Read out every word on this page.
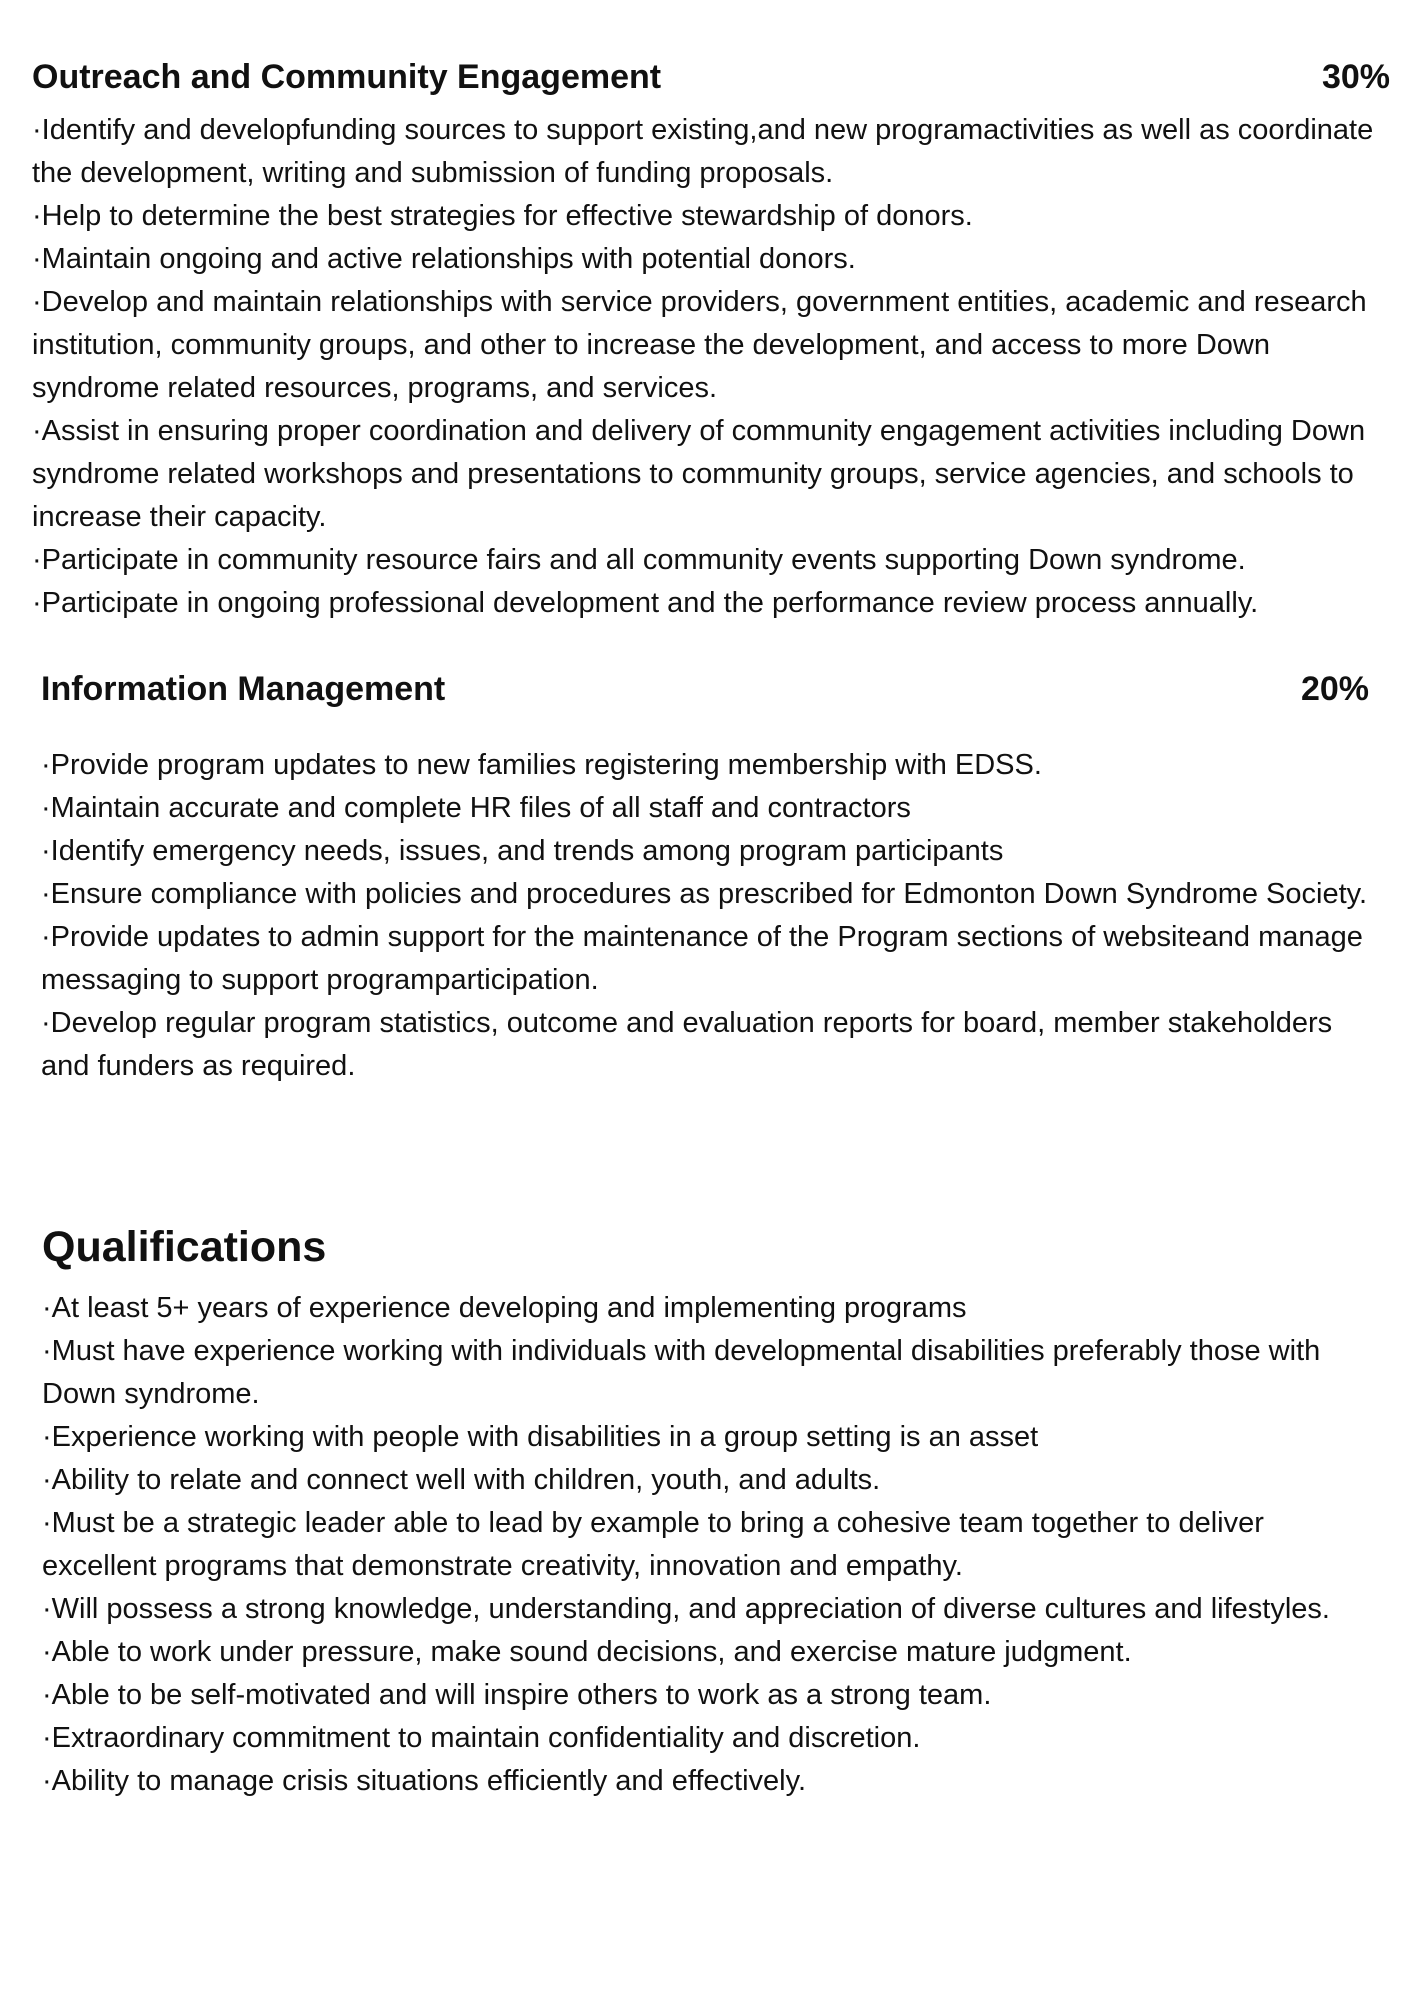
Outreach and Community Engagement	30%
·Identify and developfunding sources to support existing,and new programactivities as well as coordinate the development, writing and submission of funding proposals.
·Help to determine the best strategies for effective stewardship of donors.
·Maintain ongoing and active relationships with potential donors.
·Develop and maintain relationships with service providers, government entities, academic and research institution, community groups, and other to increase the development, and access to more Down syndrome related resources, programs, and services.
·Assist in ensuring proper coordination and delivery of community engagement activities including Down syndrome related workshops and presentations to community groups, service agencies, and schools to increase their capacity.
·Participate in community resource fairs and all community events supporting Down syndrome.
·Participate in ongoing professional development and the performance review process annually.
Information Management	20%
·Provide program updates to new families registering membership with EDSS.
·Maintain accurate and complete HR files of all staff and contractors
·Identify emergency needs, issues, and trends among program participants
·Ensure compliance with policies and procedures as prescribed for Edmonton Down Syndrome Society.
·Provide updates to admin support for the maintenance of the Program sections of websiteand manage messaging to support programparticipation.
·Develop regular program statistics, outcome and evaluation reports for board, member stakeholders and funders as required.
Qualifications
·At least 5+ years of experience developing and implementing programs
·Must have experience working with individuals with developmental disabilities preferably those with Down syndrome.
·Experience working with people with disabilities in a group setting is an asset
·Ability to relate and connect well with children, youth, and adults.
·Must be a strategic leader able to lead by example to bring a cohesive team together to deliver excellent programs that demonstrate creativity, innovation and empathy.
·Will possess a strong knowledge, understanding, and appreciation of diverse cultures and lifestyles.
·Able to work under pressure, make sound decisions, and exercise mature judgment.
·Able to be self-motivated and will inspire others to work as a strong team.
·Extraordinary commitment to maintain confidentiality and discretion.
·Ability to manage crisis situations efficiently and effectively.
